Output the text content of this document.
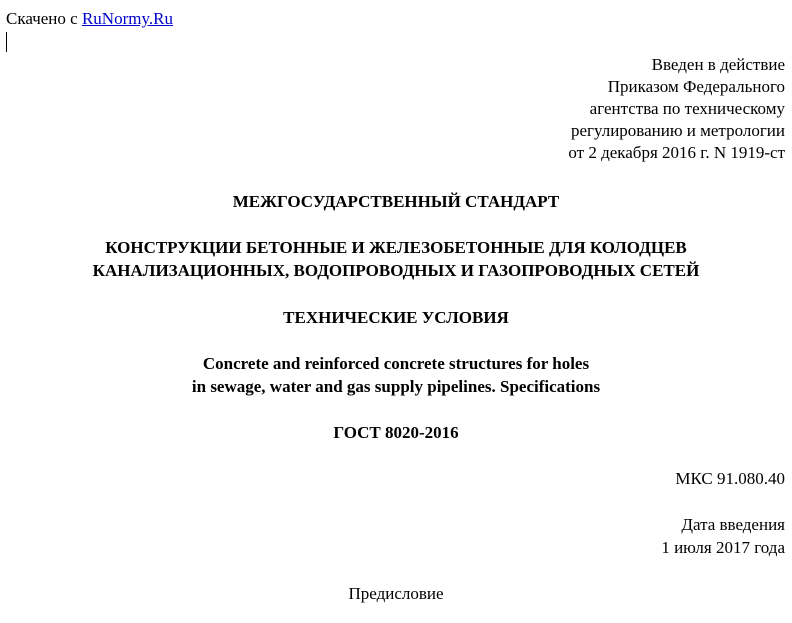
Скачено с RuNormy.Ru
Введен в действие
Приказом Федерального
агентства по техническому
регулированию и метрологии
от 2 декабря 2016 г. N 1919-ст
МЕЖГОСУДАРСТВЕННЫЙ СТАНДАРТ
КОНСТРУКЦИИ БЕТОННЫЕ И ЖЕЛЕЗОБЕТОННЫЕ ДЛЯ КОЛОДЦЕВ
КАНАЛИЗАЦИОННЫХ, ВОДОПРОВОДНЫХ И ГАЗОПРОВОДНЫХ СЕТЕЙ
ТЕХНИЧЕСКИЕ УСЛОВИЯ
Concrete and reinforced concrete structures for holes
in sewage, water and gas supply pipelines. Specifications
ГОСТ 8020-2016
МКС 91.080.40
Дата введения
1 июля 2017 года
Предисловие
